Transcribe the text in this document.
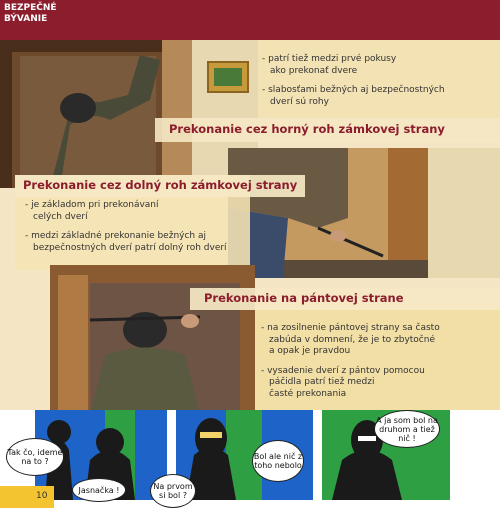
BEZPEČNÉ
BÝVANIE

- patrí tiež medzi prvé pokusy
ako prekonať dvere

- slabosťami bežných aj bezpečnostných
dverí sú rohy

- je základom pri prekonávaní
celých dverí

- medzi základné prekonanie bežných aj
bezpečnostných dverí patrí dolný roh dverí

- na zosilnenie pántovej strany sa často
zabúda v domnení, že je to zbytočné
a opak je pravdou

- vysadenie dverí z pántov pomocou
páčidla patrí tiež medzi
časté prekonania

Prekonanie cez horný roh zámkovej strany
Prekonanie cez dolný roh zámkovej strany
Prekonanie na pántovej strane
Tak čo, ideme na to ?
Jasnačka !	Na prvom si bol ?
Bol ale nič z toho nebolo
A ja som bol na druhom a tiež nič !
10
